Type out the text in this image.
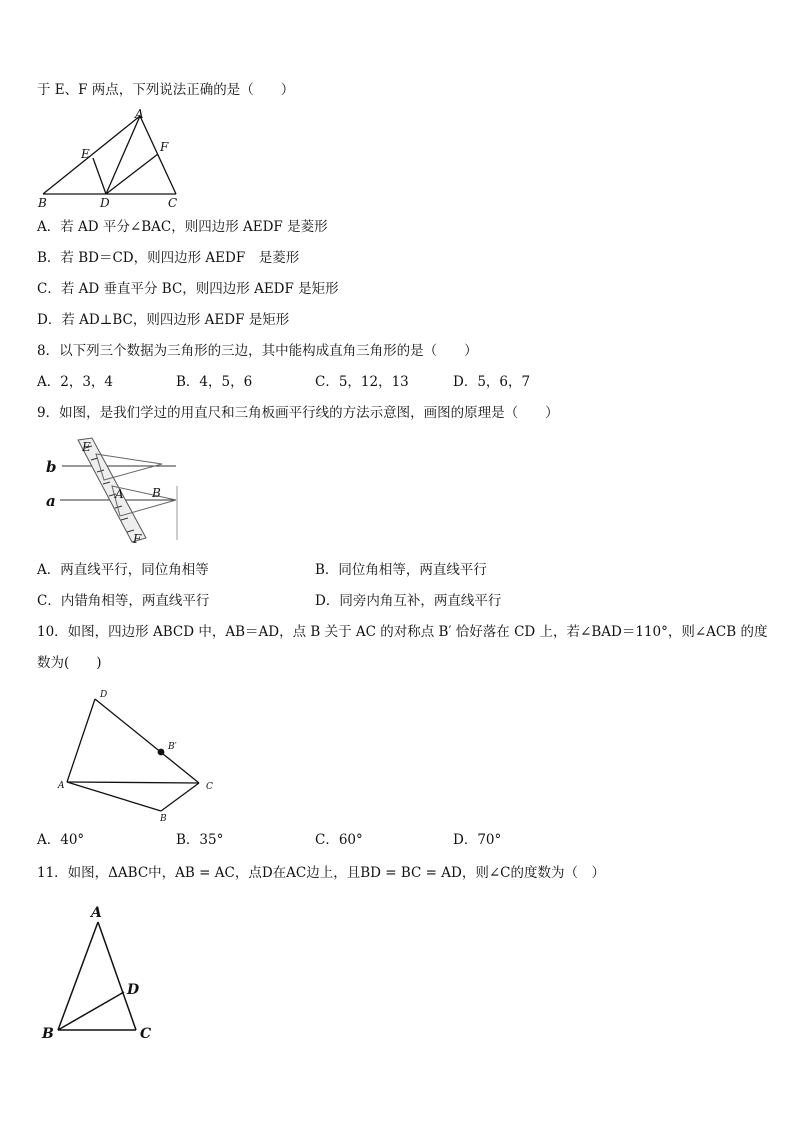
于 E、F 两点，下列说法正确的是（　　）
A
B	C
D
E	F
A．若 AD 平分∠BAC，则四边形 AEDF 是菱形
B．若 BD＝CD，则四边形 AEDF　是菱形
C．若 AD 垂直平分 BC，则四边形 AEDF 是矩形
D．若 AD⊥BC，则四边形 AEDF 是矩形
8．以下列三个数据为三角形的三边，其中能构成直角三角形的是（　　）
A．2，3，4	B．4，5，6	C．5，12，13	D．5，6，7
9．如图，是我们学过的用直尺和三角板画平行线的方法示意图，画图的原理是（　　）
E
b
a	A B
F
A．两直线平行，同位角相等	B．同位角相等，两直线平行
C．内错角相等，两直线平行	D．同旁内角互补，两直线平行
10．如图，四边形 ABCD 中，AB＝AD，点 B 关于 AC 的对称点 B′ 恰好落在 CD 上，若∠BAD＝110°，则∠ACB 的度
数为(　　)
D
B′
A	C
B
A．40°	B．35°	C．60°	D．70°
11．如图，ΔABC中，AB = AC，点D在AC边上，且BD = BC = AD，则∠C的度数为（　）
A
B	C
D
